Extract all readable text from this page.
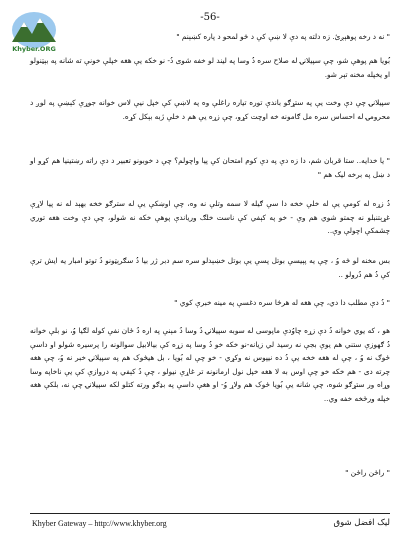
Khyber.ORG
-56-
" نه د رخه پوهېږئ. زه دلته په دې لا ښې کې د څو لمحو د پاره کښېنم "
بُویا هم پوهې شو، چې سپیلانۍ له صلاح سره دُ وسا په لیند لو خفه شوی دُ- نو خکه یې هغه خپلې خونې ته شانه په بېټنولو او یخپله مخنه تېر شو.
سپیلانۍ چې دې وخت یې په ستړګو باندې توره تیاره راغلې وه په لاښې کې خپل نیې لاس خوانه جوړې کېښې په لوږ د محرومۍ له احساس سره مل ګامونه خه اوچت کړو، چې زړه یې هم د خلې ژبه بېکل کړه.
" یا خدایه.. ستا قربان شم، دا زه دې په دې کوم امتحان کې پیا واچولم؟ چې د خوبونو تعبیر د دې راته رښتینیا هم کړو او د ښل په برخه لیک هم "
دُ زړه له کومې یې له خلې خخه دا سې ګیله لا سمه وتلې نه وه، چې اوښکې یې له سترګو خخه بهېد له نه پیا لاړې غړېتنبلو نه چمتو شوي هم وې - خو په کېفي کې ناست خلګ وریاندې پوهې خکه نه شولو، چې دې وخت هغه توري چشمکې اچولې وې..
بس مخنه لو څه وُ ، چې یه پېیسې بوتل پسې یې بوتل خښېدلو سره سم دبر ژر بیا دُ سګرېټونو دُ توتو امبار یه ایش ترې کې دُ هم دُرولو ..
" دُ دې مطلب دا دي، چې هغه له هرڅا سره دغسې په مینه خبرې کوي "
هو ، که یوي خوانه دُ دې زړه چاوُدې ماپوسی له سوبه سپیلانۍ دُ وسا دُ مېنې په اره دُ ځان نفې کوله لګیا وُ، نو بلې خوانه دُ ګهوزې ستني هم یوې بجې نه رسید لي زیانه-نو خکه خو دُ وسا په زړه کې بیالابیل سوالونه را پرسیره شولو او داسې ځوګ نه وُ ، چې له هغه خخه یې دُ ده نیپوس نه وکړي - خو چې له بُویا ، بل هیڅوک هم په سپیلانۍ خبر نه وُ، چې هغه چرته دی - هم خکه خو چې اوس به لا هغه خپل نول ارمانونه تر غاړې نیولو ، چې دُ کېفي په دروازې کې یې ناخاپه وسا وړاه ور ستړګو شوه، چې شانه یې بُویا ځوک هم ولاړ وُ- او هغې داسې په بډګو ورته کتلو لکه سپیلانۍ چې نه، بلکې هغه خپله ورځخه خفه وي..
" راځن راځن "
Khyber Gateway – http://www.khyber.org	لیک افضل شوق
